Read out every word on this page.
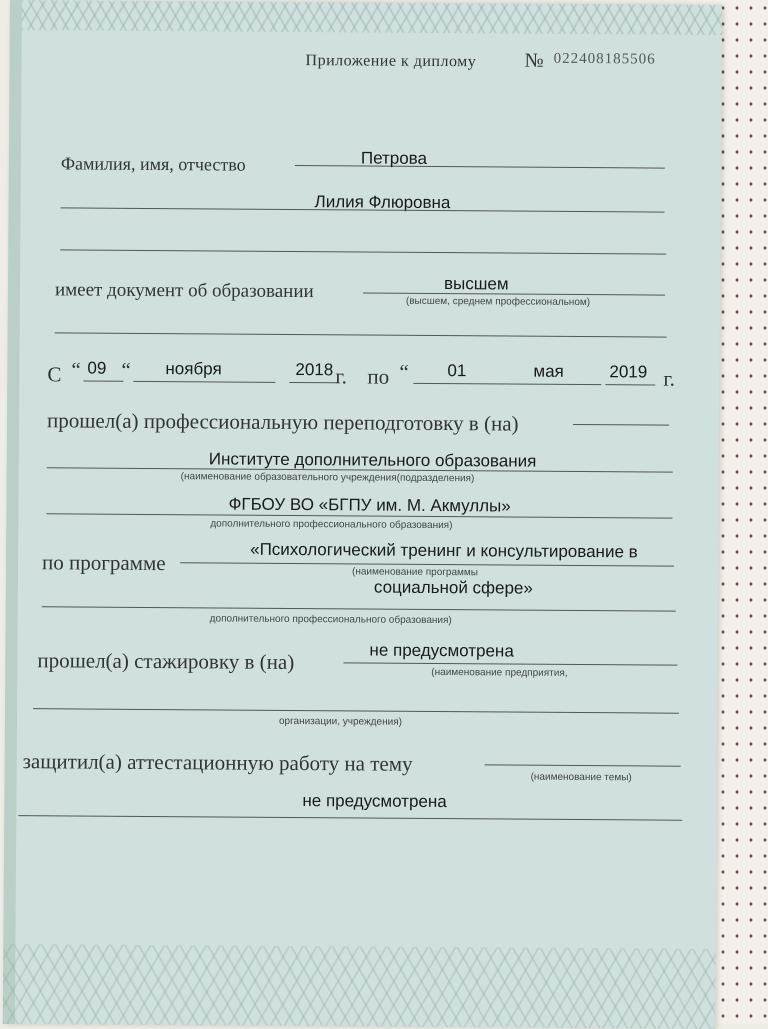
Приложение к диплому № 022408185506
Фамилия, имя, отчество	Петрова
Лилия Флюровна
имеет документ об образовании	высшем
(высшем, среднем профессиональном)
С “ 09 “ ноября	2018 г. по “ 01	мая	2019 г.
прошел(а) профессиональную переподготовку в (на)
Институте дополнительного образования
(наименование образовательного учреждения(подразделения)
ФГБОУ ВО «БГПУ им. М. Акмуллы»
дополнительного профессионального образования)
по программе	«Психологический тренинг и консультирование в
(наименование программы
социальной сфере»
дополнительного профессионального образования)
прошел(а) стажировку в (на)	не предусмотрена
(наименование предприятия,
организации, учреждения)
защитил(а) аттестационную работу на тему
(наименование темы)
не предусмотрена
